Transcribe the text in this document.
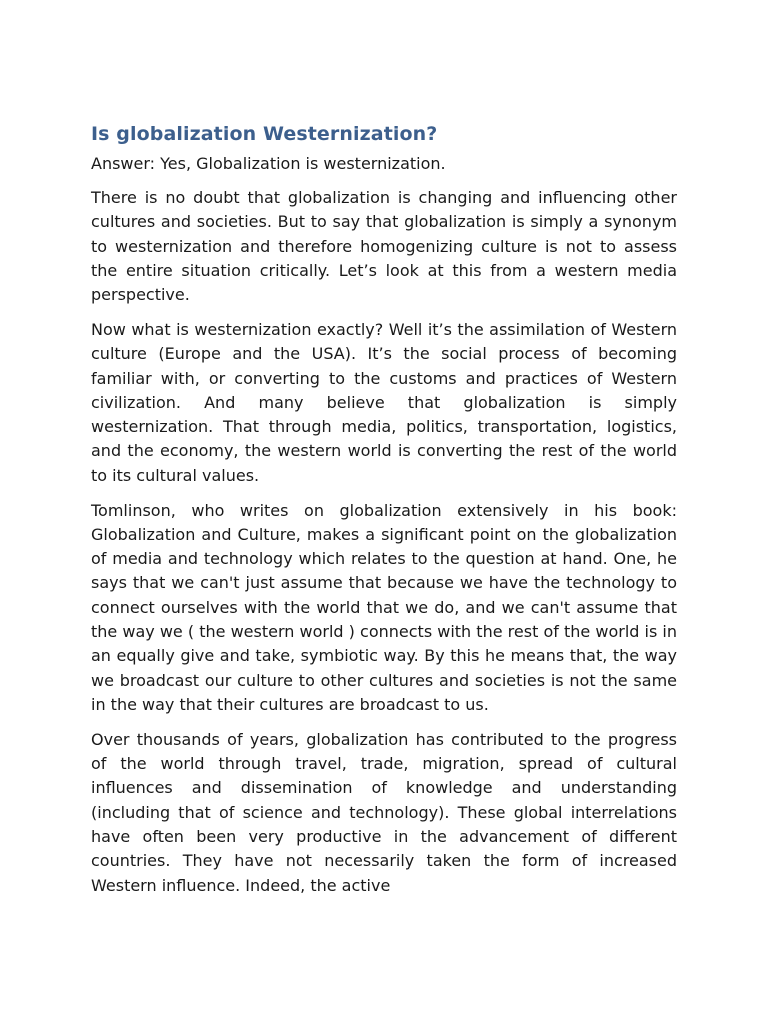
Is globalization Westernization?

Answer: Yes, Globalization is westernization.

There is no doubt that globalization is changing and influencing other cultures and societies. But to say that globalization is simply a synonym to westernization and therefore homogenizing culture is not to assess the entire situation critically. Let’s look at this from a western media perspective.

Now what is westernization exactly? Well it’s the assimilation of Western culture (Europe and the USA). It’s the social process of becoming familiar with, or converting to the customs and practices of Western civilization. And many believe that globalization is simply westernization. That through media, politics, transportation, logistics, and the economy, the western world is converting the rest of the world to its cultural values.

Tomlinson, who writes on globalization extensively in his book: Globalization and Culture, makes a significant point on the globalization of media and technology which relates to the question at hand. One, he says that we can't just assume that because we have the technology to connect ourselves with the world that we do, and we can't assume that the way we ( the western world ) connects with the rest of the world is in an equally give and take, symbiotic way. By this he means that, the way we broadcast our culture to other cultures and societies is not the same in the way that their cultures are broadcast to us.

Over thousands of years, globalization has contributed to the progress of the world through travel, trade, migration, spread of cultural influences and dissemination of knowledge and understanding (including that of science and technology). These global interrelations have often been very productive in the advancement of different countries. They have not necessarily taken the form of increased Western influence. Indeed, the active
